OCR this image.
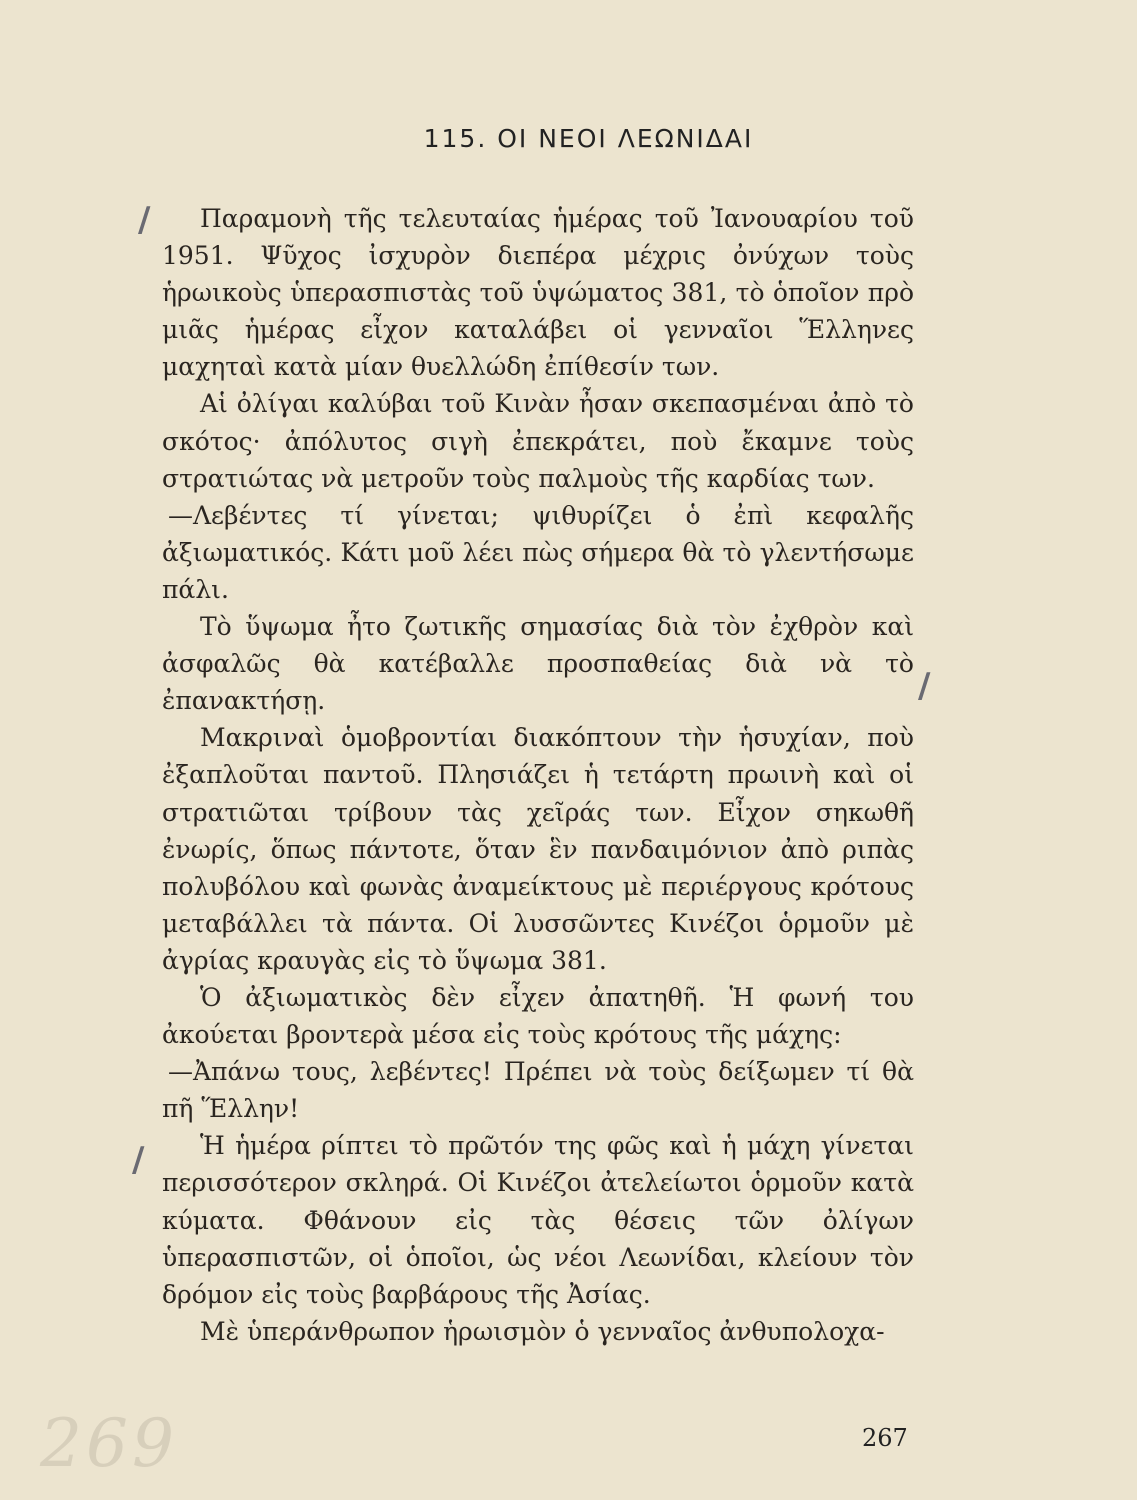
115. ΟΙ ΝΕΟΙ ΛΕΩΝΙΔΑΙ

Παραμονὴ τῆς τελευταίας ἡμέρας τοῦ Ἰανουαρίου τοῦ 1951. Ψῦχος ἰσχυρὸν διεπέρα μέχρις ὀνύχων τοὺς ἡρωικοὺς ὑπερασπιστὰς τοῦ ὑψώματος 381, τὸ ὁποῖον πρὸ μιᾶς ἡμέρας εἶχον καταλάβει οἱ γενναῖοι Ἕλληνες μαχηταὶ κατὰ μίαν θυελλώδη ἐπίθεσίν των.

Αἱ ὀλίγαι καλύβαι τοῦ Κινὰν ἦσαν σκεπασμέναι ἀπὸ τὸ σκότος· ἀπόλυτος σιγὴ ἐπεκράτει, ποὺ ἔκαμνε τοὺς στρατιώτας νὰ μετροῦν τοὺς παλμοὺς τῆς καρδίας των.

—Λεβέντες τί γίνεται; ψιθυρίζει ὁ ἐπὶ κεφαλῆς ἀξιωματικός. Κάτι μοῦ λέει πὼς σήμερα θὰ τὸ γλεντήσωμε πάλι.

Τὸ ὕψωμα ἦτο ζωτικῆς σημασίας διὰ τὸν ἐχθρὸν καὶ ἀσφαλῶς θὰ κατέβαλλε προσπαθείας διὰ νὰ τὸ ἐπανακτήσῃ.

Μακριναὶ ὁμοβροντίαι διακόπτουν τὴν ἡσυχίαν, ποὺ ἐξαπλοῦται παντοῦ. Πλησιάζει ἡ τετάρτη πρωινὴ καὶ οἱ στρατιῶται τρίβουν τὰς χεῖράς των. Εἶχον σηκωθῆ ἐνωρίς, ὅπως πάντοτε, ὅταν ἓν πανδαιμόνιον ἀπὸ ριπὰς πολυβόλου καὶ φωνὰς ἀναμείκτους μὲ περιέργους κρότους μεταβάλλει τὰ πάντα. Οἱ λυσσῶντες Κινέζοι ὁρμοῦν μὲ ἀγρίας κραυγὰς εἰς τὸ ὕψωμα 381.

Ὁ ἀξιωματικὸς δὲν εἶχεν ἀπατηθῆ. Ἡ φωνή του ἀκούεται βροντερὰ μέσα εἰς τοὺς κρότους τῆς μάχης:

—Ἀπάνω τους, λεβέντες! Πρέπει νὰ τοὺς δείξωμεν τί θὰ πῆ Ἕλλην!

Ἡ ἡμέρα ρίπτει τὸ πρῶτόν της φῶς καὶ ἡ μάχη γίνεται περισσότερον σκληρά. Οἱ Κινέζοι ἀτελείωτοι ὁρμοῦν κατὰ κύματα. Φθάνουν εἰς τὰς θέσεις τῶν ὀλίγων ὑπερασπιστῶν, οἱ ὁποῖοι, ὡς νέοι Λεωνίδαι, κλείουν τὸν δρόμον εἰς τοὺς βαρβάρους τῆς Ἀσίας.

Μὲ ὑπεράνθρωπον ἡρωισμὸν ὁ γενναῖος ἀνθυπολοχα-

269	267
/
/
/
